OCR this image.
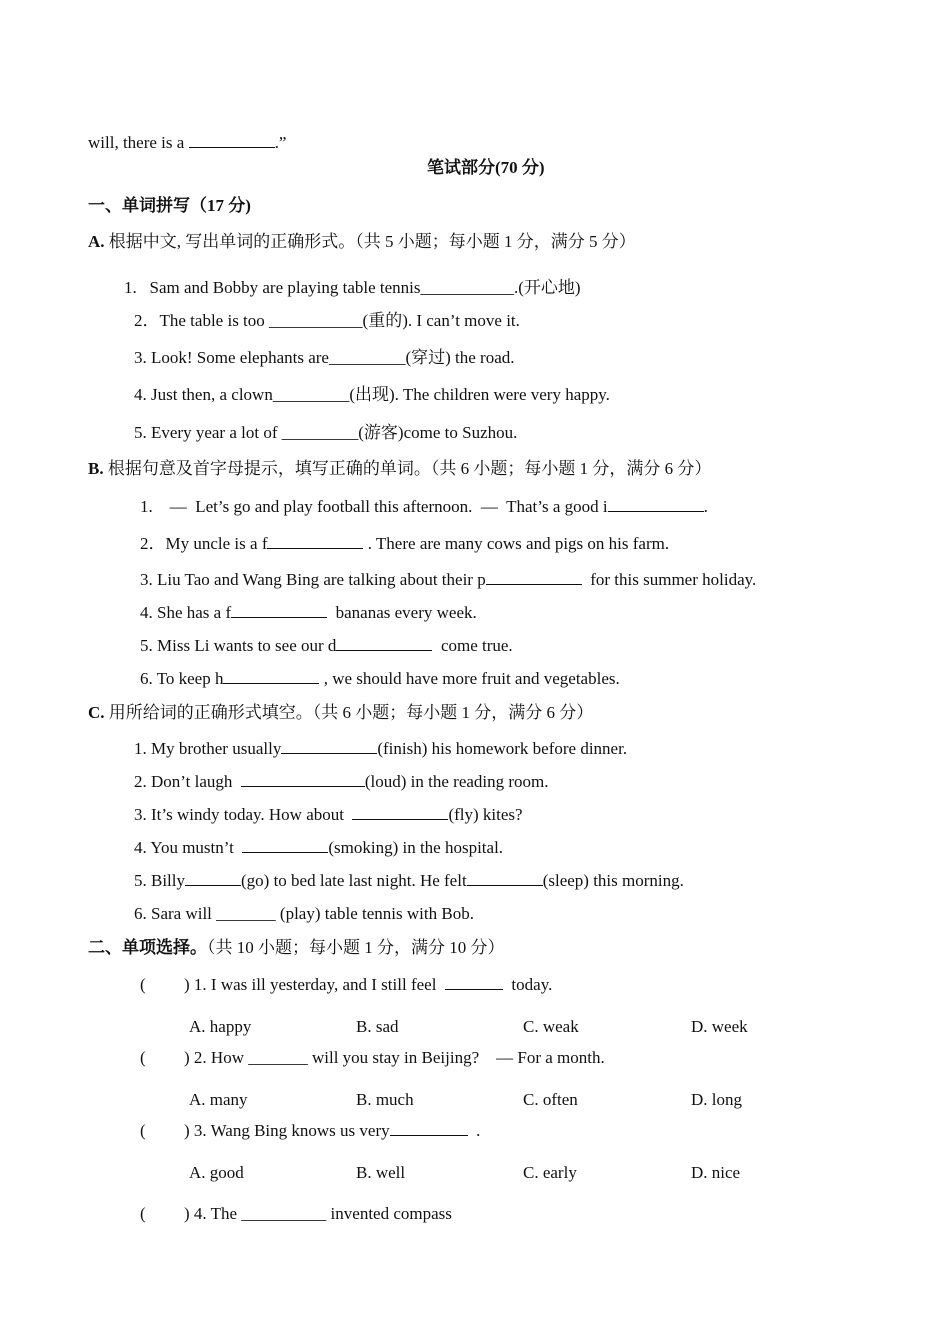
will, there is a	.”
笔试部分(70 分)
一、单词拼写（17 分)
A. 根据中文, 写出单词的正确形式。（共 5 小题；每小题 1 分，满分 5 分）
1.   Sam and Bobby are playing table tennis___________.(开心地)
2．The table is too ___________(重的). I can’t move it.
3. Look! Some elephants are_________(穿过) the road.
4. Just then, a clown_________(出现). The children were very happy.
5. Every year a lot of _________(游客)come to Suzhou.
B. 根据句意及首字母提示，填写正确的单词。（共 6 小题；每小题 1 分，满分 6 分）
1.    —  Let’s go and play football this afternoon.  —  That’s a good i	.
2．My uncle is a f	. There are many cows and pigs on his farm.
3. Liu Tao and Wang Bing are talking about their p	for this summer holiday.
4. She has a f	bananas every week.
5. Miss Li wants to see our d	come true.
6. To keep h	, we should have more fruit and vegetables.
C. 用所给词的正确形式填空。（共 6 小题；每小题 1 分，满分 6 分）
1. My brother usually	(finish) his homework before dinner.
2. Don’t laugh	(loud) in the reading room.
3. It’s windy today. How about	(fly) kites?
4. You mustn’t	(smoking) in the hospital.
5. Billy	(go) to bed late last night. He felt	(sleep) this morning.
6. Sara will _______ (play) table tennis with Bob.
二、单项选择。（共 10 小题；每小题 1 分，满分 10 分）
( ) 1. I was ill yesterday, and I still feel	today.
A. happy	B. sad	C. weak	D. week
( ) 2. How _______ will you stay in Beijing?    — For a month.
A. many	B. much	C. often	D. long
( ) 3. Wang Bing knows us very	.
A. good	B. well	C. early	D. nice
( ) 4. The __________ invented compass
